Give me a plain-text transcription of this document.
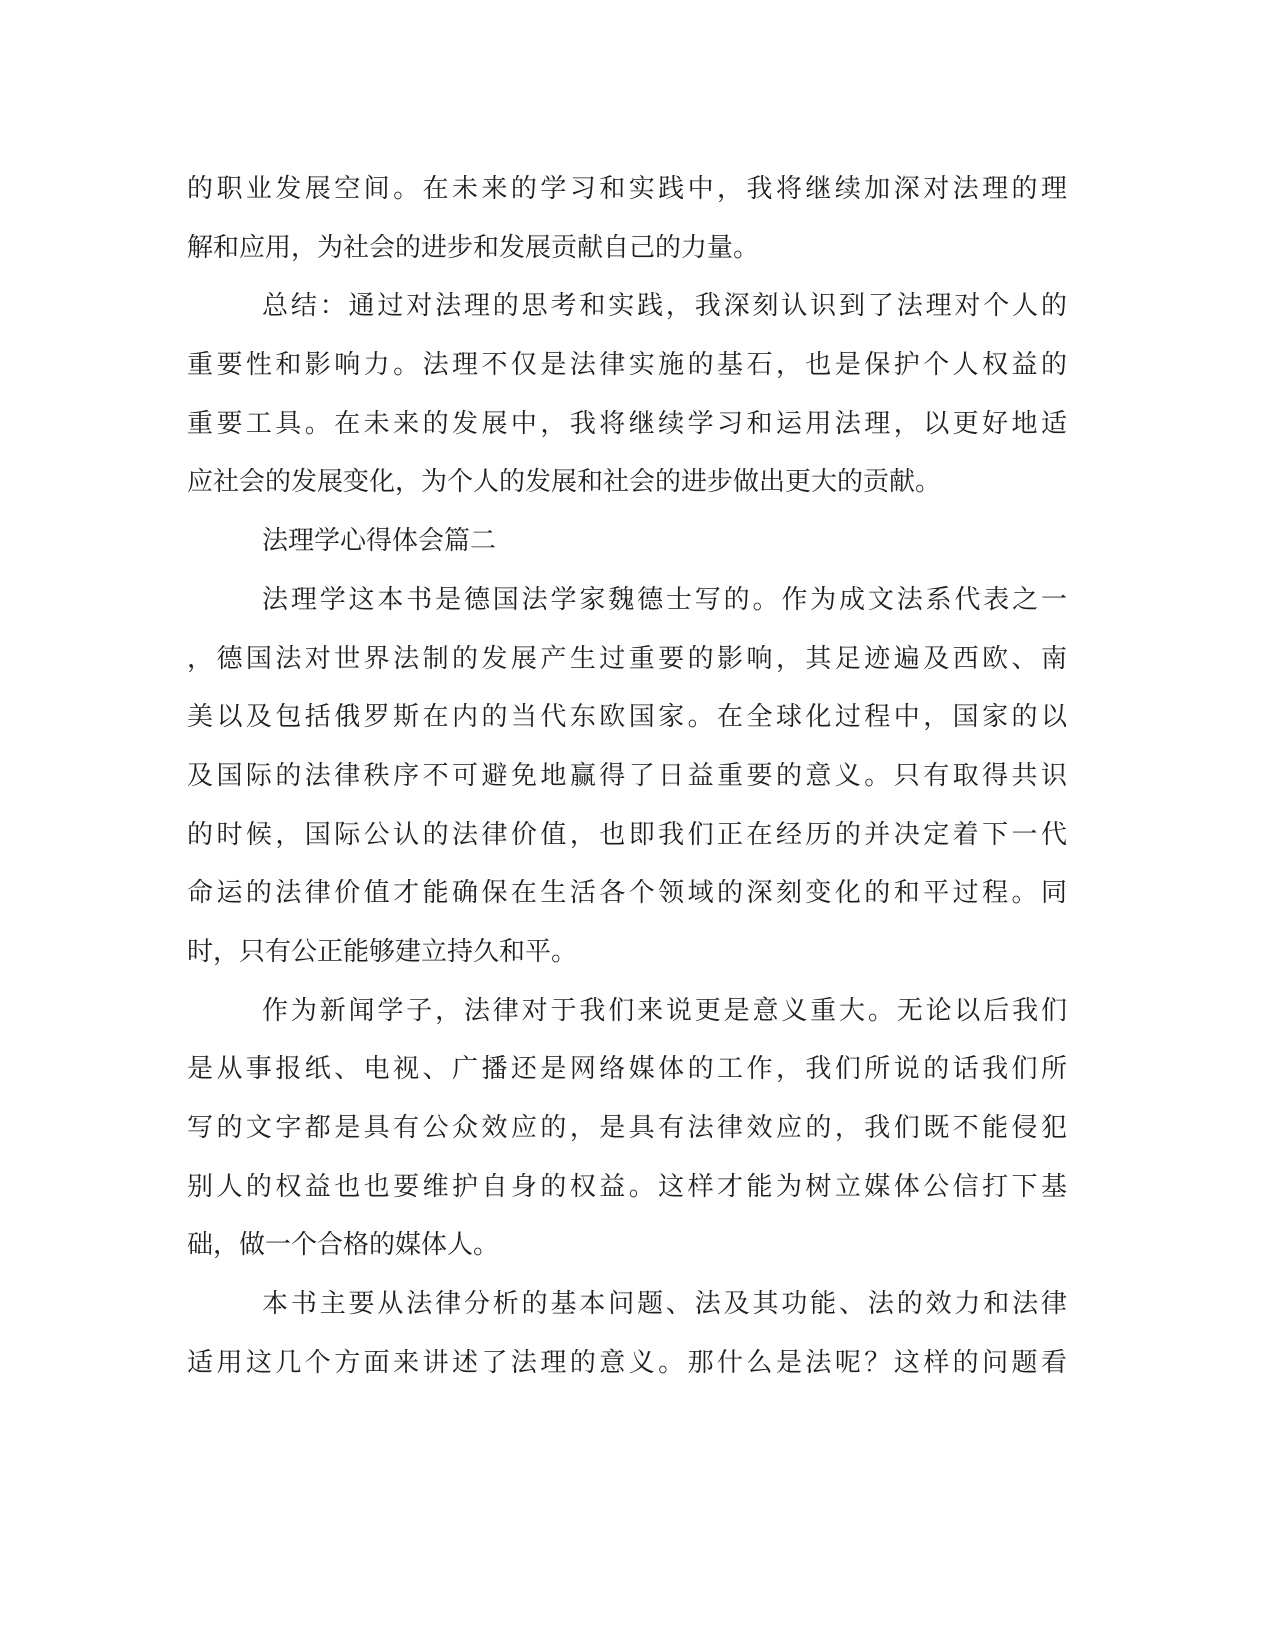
的职业发展空间。在未来的学习和实践中，我将继续加深对法理的理
解和应用，为社会的进步和发展贡献自己的力量。
总结：通过对法理的思考和实践，我深刻认识到了法理对个人的
重要性和影响力。法理不仅是法律实施的基石，也是保护个人权益的
重要工具。在未来的发展中，我将继续学习和运用法理，以更好地适
应社会的发展变化，为个人的发展和社会的进步做出更大的贡献。
法理学心得体会篇二
法理学这本书是德国法学家魏德士写的。作为成文法系代表之一
，德国法对世界法制的发展产生过重要的影响，其足迹遍及西欧、南
美以及包括俄罗斯在内的当代东欧国家。在全球化过程中，国家的以
及国际的法律秩序不可避免地赢得了日益重要的意义。只有取得共识
的时候，国际公认的法律价值，也即我们正在经历的并决定着下一代
命运的法律价值才能确保在生活各个领域的深刻变化的和平过程。同
时，只有公正能够建立持久和平。
作为新闻学子，法律对于我们来说更是意义重大。无论以后我们
是从事报纸、电视、广播还是网络媒体的工作，我们所说的话我们所
写的文字都是具有公众效应的，是具有法律效应的，我们既不能侵犯
别人的权益也也要维护自身的权益。这样才能为树立媒体公信打下基
础，做一个合格的媒体人。
本书主要从法律分析的基本问题、法及其功能、法的效力和法律
适用这几个方面来讲述了法理的意义。那什么是法呢？这样的问题看
